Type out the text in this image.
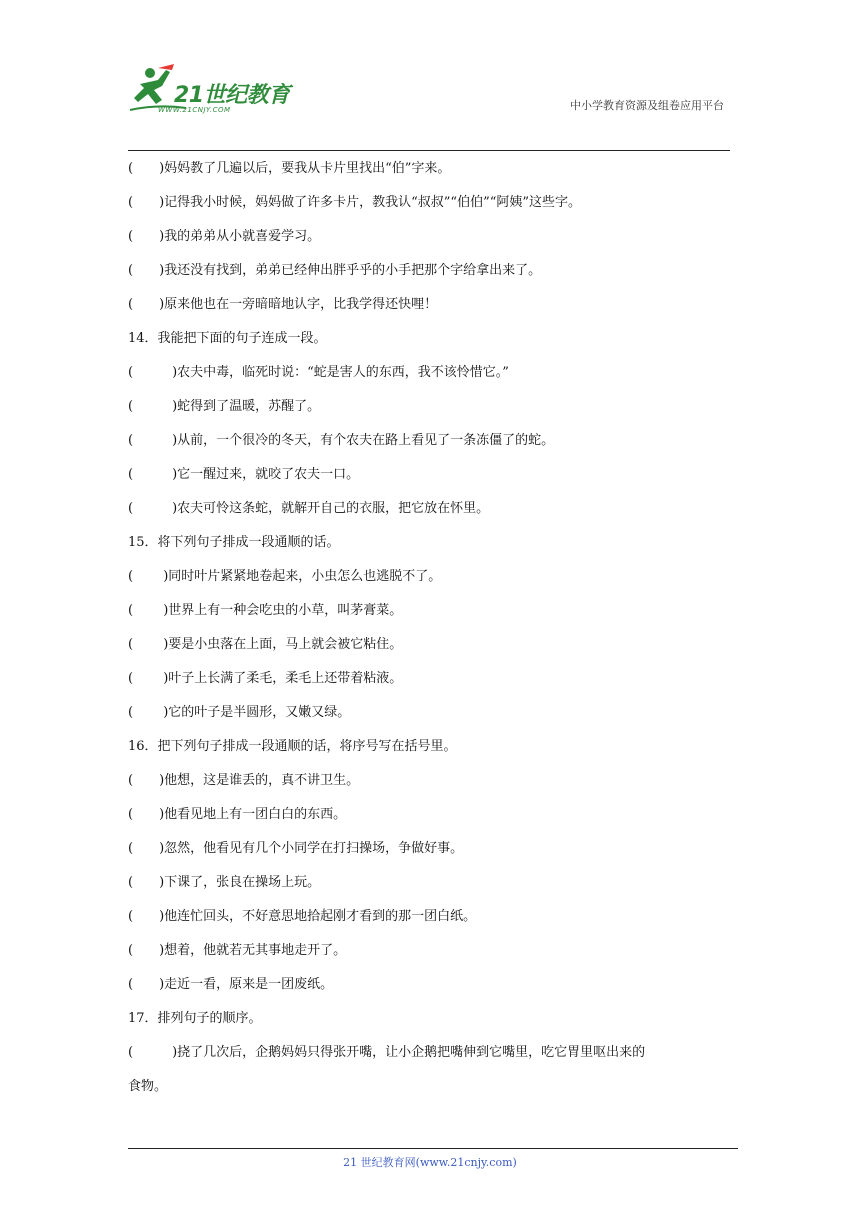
21世纪教育
WWW.21CNJY.COM	中小学教育资源及组卷应用平台
(　　)妈妈教了几遍以后，要我从卡片里找出“伯”字来。
(　　)记得我小时候，妈妈做了许多卡片，教我认“叔叔”“伯伯”“阿姨”这些字。
(　　)我的弟弟从小就喜爱学习。
(　　)我还没有找到，弟弟已经伸出胖乎乎的小手把那个字给拿出来了。
(　　)原来他也在一旁暗暗地认字，比我学得还快哩！
14．我能把下面的句子连成一段。
(　　　)农夫中毒，临死时说：“蛇是害人的东西，我不该怜惜它。”
(　　　)蛇得到了温暖，苏醒了。
(　　　)从前，一个很冷的冬天，有个农夫在路上看见了一条冻僵了的蛇。
(　　　)它一醒过来，就咬了农夫一口。
(　　　)农夫可怜这条蛇，就解开自己的衣服，把它放在怀里。
15．将下列句子排成一段通顺的话。
(　　 )同时叶片紧紧地卷起来，小虫怎么也逃脱不了。
(　　 )世界上有一种会吃虫的小草，叫茅膏菜。
(　　 )要是小虫落在上面，马上就会被它粘住。
(　　 )叶子上长满了柔毛，柔毛上还带着粘液。
(　　 )它的叶子是半圆形，又嫩又绿。
16．把下列句子排成一段通顺的话，将序号写在括号里。
(　　)他想，这是谁丢的，真不讲卫生。
(　　)他看见地上有一团白白的东西。
(　　)忽然，他看见有几个小同学在打扫操场，争做好事。
(　　)下课了，张良在操场上玩。
(　　)他连忙回头，不好意思地拾起刚才看到的那一团白纸。
(　　)想着，他就若无其事地走开了。
(　　)走近一看，原来是一团废纸。
17．排列句子的顺序。
(　　　)挠了几次后，企鹅妈妈只得张开嘴，让小企鹅把嘴伸到它嘴里，吃它胃里呕出来的
食物。
21 世纪教育网(www.21cnjy.com)
